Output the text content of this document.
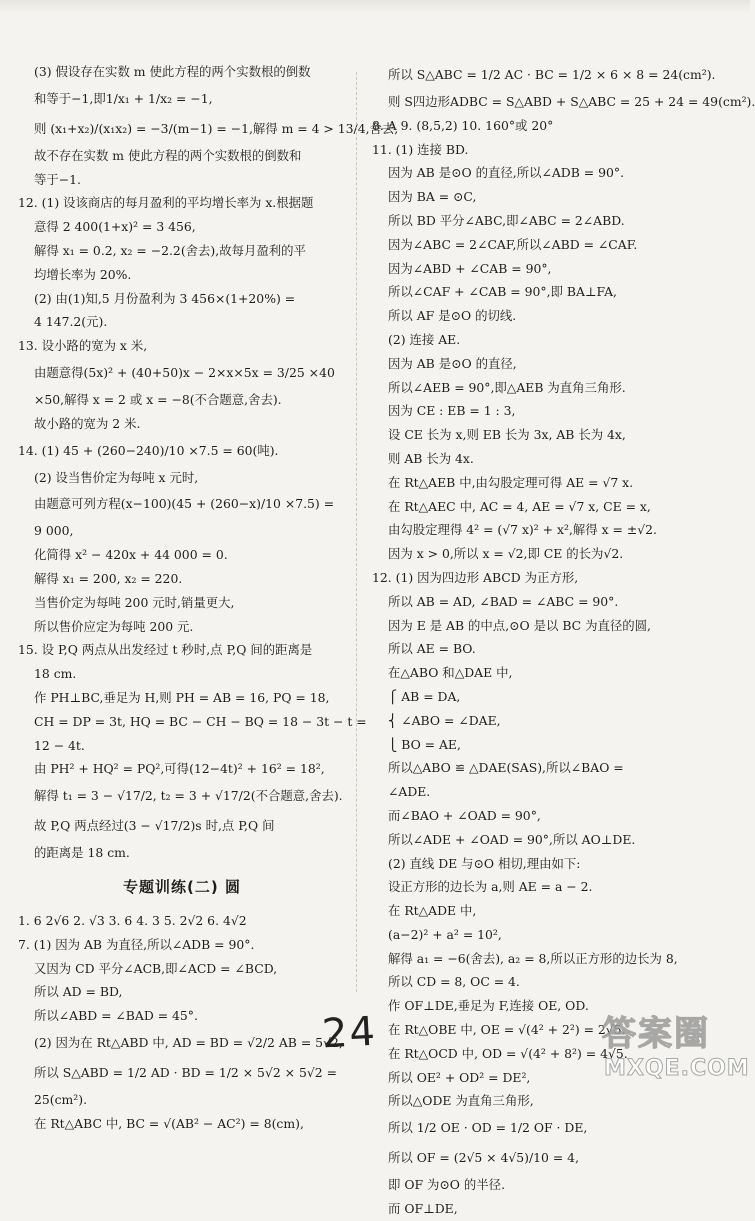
(3) 假设存在实数 m 使此方程的两个实数根的倒数
和等于−1,即1/x₁ + 1/x₂ = −1,
则 (x₁+x₂)/(x₁x₂) = −3/(m−1) = −1,解得 m = 4 > 13/4,舍去,
故不存在实数 m 使此方程的两个实数根的倒数和
等于−1.
12. (1) 设该商店的每月盈利的平均增长率为 x.根据题
意得 2 400(1+x)² = 3 456,
解得 x₁ = 0.2, x₂ = −2.2(舍去),故每月盈利的平
均增长率为 20%.
(2) 由(1)知,5 月份盈利为 3 456×(1+20%) =
4 147.2(元).
13. 设小路的宽为 x 米,
由题意得(5x)² + (40+50)x − 2×x×5x = 3/25 ×40
×50,解得 x = 2 或 x = −8(不合题意,舍去).
故小路的宽为 2 米.
14. (1) 45 + (260−240)/10 ×7.5 = 60(吨).
(2) 设当售价定为每吨 x 元时,
由题意可列方程(x−100)(45 + (260−x)/10 ×7.5) =
9 000,
化简得 x² − 420x + 44 000 = 0.
解得 x₁ = 200, x₂ = 220.
当售价定为每吨 200 元时,销量更大,
所以售价应定为每吨 200 元.
15. 设 P,Q 两点从出发经过 t 秒时,点 P,Q 间的距离是
18 cm.
作 PH⊥BC,垂足为 H,则 PH = AB = 16, PQ = 18,
CH = DP = 3t, HQ = BC − CH − BQ = 18 − 3t − t =
12 − 4t.
由 PH² + HQ² = PQ²,可得(12−4t)² + 16² = 18²,
解得 t₁ = 3 − √17/2, t₂ = 3 + √17/2(不合题意,舍去).
故 P,Q 两点经过(3 − √17/2)s 时,点 P,Q 间
的距离是 18 cm.
专题训练(二) 圆
1. 6 2√6 2. √3 3. 6 4. 3 5. 2√2 6. 4√2
7. (1) 因为 AB 为直径,所以∠ADB = 90°.
又因为 CD 平分∠ACB,即∠ACD = ∠BCD,
所以 AD = BD,
所以∠ABD = ∠BAD = 45°.
(2) 因为在 Rt△ABD 中, AD = BD = √2/2 AB = 5√2,
所以 S△ABD = 1/2 AD · BD = 1/2 × 5√2 × 5√2 =
25(cm²).
在 Rt△ABC 中, BC = √(AB² − AC²) = 8(cm),
所以 S△ABC = 1/2 AC · BC = 1/2 × 6 × 8 = 24(cm²).
则 S四边形ADBC = S△ABD + S△ABC = 25 + 24 = 49(cm²).
8. A 9. (8,5,2) 10. 160°或 20°
11. (1) 连接 BD.
因为 AB 是⊙O 的直径,所以∠ADB = 90°.
因为 BA = ⊙C,
所以 BD 平分∠ABC,即∠ABC = 2∠ABD.
因为∠ABC = 2∠CAF,所以∠ABD = ∠CAF.
因为∠ABD + ∠CAB = 90°,
所以∠CAF + ∠CAB = 90°,即 BA⊥FA,
所以 AF 是⊙O 的切线.
(2) 连接 AE.
因为 AB 是⊙O 的直径,
所以∠AEB = 90°,即△AEB 为直角三角形.
因为 CE : EB = 1 : 3,
设 CE 长为 x,则 EB 长为 3x, AB 长为 4x,
则 AB 长为 4x.
在 Rt△AEB 中,由勾股定理可得 AE = √7 x.
在 Rt△AEC 中, AC = 4, AE = √7 x, CE = x,
由勾股定理得 4² = (√7 x)² + x²,解得 x = ±√2.
因为 x > 0,所以 x = √2,即 CE 的长为√2.
12. (1) 因为四边形 ABCD 为正方形,
所以 AB = AD, ∠BAD = ∠ABC = 90°.
因为 E 是 AB 的中点,⊙O 是以 BC 为直径的圆,
所以 AE = BO.
在△ABO 和△DAE 中,
⎧ AB = DA,
⎨ ∠ABO = ∠DAE,
⎩ BO = AE,
所以△ABO ≌ △DAE(SAS),所以∠BAO =
∠ADE.
而∠BAO + ∠OAD = 90°,
所以∠ADE + ∠OAD = 90°,所以 AO⊥DE.
(2) 直线 DE 与⊙O 相切,理由如下:
设正方形的边长为 a,则 AE = a − 2.
在 Rt△ADE 中,
(a−2)² + a² = 10²,
解得 a₁ = −6(舍去), a₂ = 8,所以正方形的边长为 8,
所以 CD = 8, OC = 4.
作 OF⊥DE,垂足为 F,连接 OE, OD.
在 Rt△OBE 中, OE = √(4² + 2²) = 2√5.
在 Rt△OCD 中, OD = √(4² + 8²) = 4√5.
所以 OE² + OD² = DE²,
所以△ODE 为直角三角形,
所以 1/2 OE · OD = 1/2 OF · DE,
所以 OF = (2√5 × 4√5)/10 = 4,
即 OF 为⊙O 的半径.
而 OF⊥DE,
24	答案圈
MXQE.COM
